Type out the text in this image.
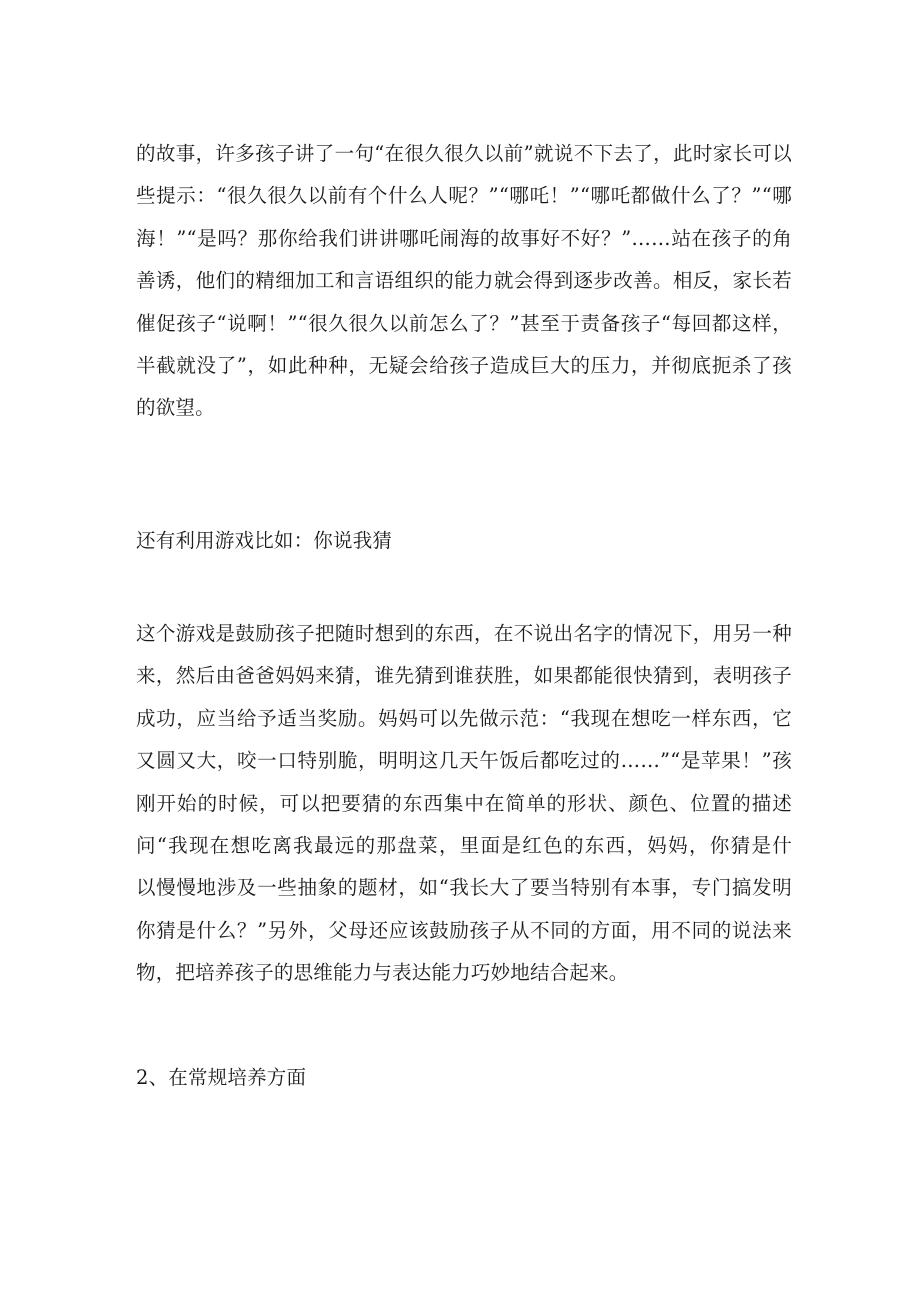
的故事，许多孩子讲了一句“在很久很久以前”就说不下去了，此时家长可以
些提示：“很久很久以前有个什么人呢？”“哪吒！”“哪吒都做什么了？”“哪
海！”“是吗？那你给我们讲讲哪吒闹海的故事好不好？”……站在孩子的角
善诱，他们的精细加工和言语组织的能力就会得到逐步改善。相反，家长若
催促孩子“说啊！”“很久很久以前怎么了？”甚至于责备孩子“每回都这样，
半截就没了”，如此种种，无疑会给孩子造成巨大的压力，并彻底扼杀了孩
的欲望。
还有利用游戏比如：你说我猜
这个游戏是鼓励孩子把随时想到的东西，在不说出名字的情况下，用另一种
来，然后由爸爸妈妈来猜，谁先猜到谁获胜，如果都能很快猜到，表明孩子
成功，应当给予适当奖励。妈妈可以先做示范：“我现在想吃一样东西，它
又圆又大，咬一口特别脆，明明这几天午饭后都吃过的……”“是苹果！”孩
刚开始的时候，可以把要猜的东西集中在简单的形状、颜色、位置的描述
问“我现在想吃离我最远的那盘菜，里面是红色的东西，妈妈，你猜是什
以慢慢地涉及一些抽象的题材，如“我长大了要当特别有本事，专门搞发明
你猜是什么？”另外，父母还应该鼓励孩子从不同的方面，用不同的说法来
物，把培养孩子的思维能力与表达能力巧妙地结合起来。
2、在常规培养方面
